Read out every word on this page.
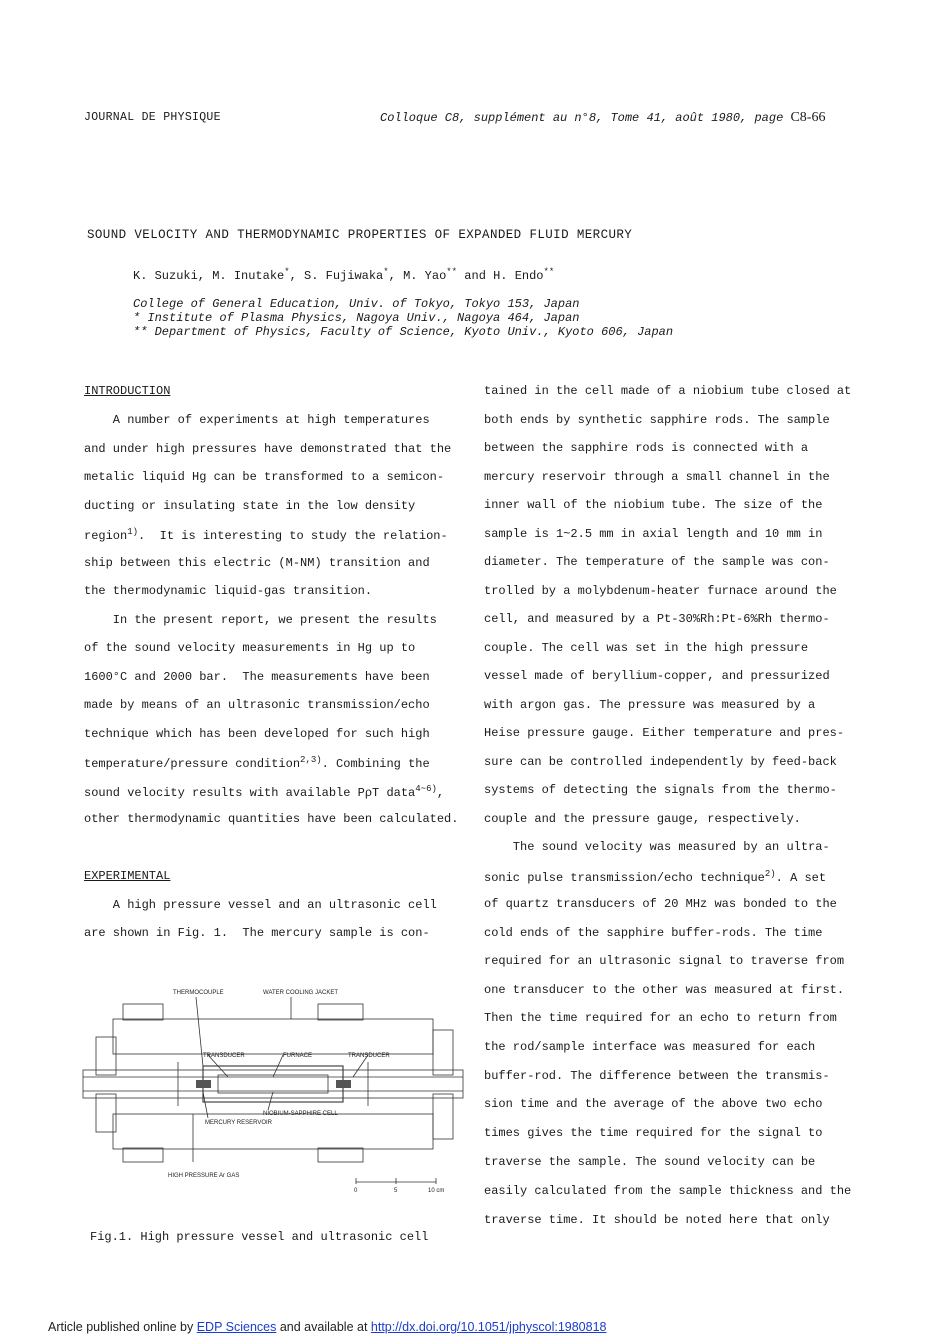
JOURNAL DE PHYSIQUE	Colloque C8, supplément au n°8, Tome 41, août 1980, page C8-66
SOUND VELOCITY AND THERMODYNAMIC PROPERTIES OF EXPANDED FLUID MERCURY
K. Suzuki, M. Inutake*, S. Fujiwaka*, M. Yao** and H. Endo**
College of General Education, Univ. of Tokyo, Tokyo 153, Japan
* Institute of Plasma Physics, Nagoya Univ., Nagoya 464, Japan
** Department of Physics, Faculty of Science, Kyoto Univ., Kyoto 606, Japan
INTRODUCTION
A number of experiments at high temperatures
and under high pressures have demonstrated that the
metalic liquid Hg can be transformed to a semicon-
ducting or insulating state in the low density
region$^{1)}$.  It is interesting to study the relation-
ship between this electric (M-NM) transition and
the thermodynamic liquid-gas transition.
In the present report, we present the results
of the sound velocity measurements in Hg up to
1600°C and 2000 bar.  The measurements have been
made by means of an ultrasonic transmission/echo
technique which has been developed for such high
temperature/pressure condition$^{2,3)}$. Combining the
sound velocity results with available PρT data$^{4\sim 6)}$,
other thermodynamic quantities have been calculated.
EXPERIMENTAL
A high pressure vessel and an ultrasonic cell
are shown in Fig. 1.  The mercury sample is con-
THERMOCOUPLE	WATER COOLING JACKET
TRANSDUCER	FURNACE	TRANSDUCER
NIOBIUM-SAPPHIRE CELL
MERCURY RESERVOIR
HIGH PRESSURE Ar GAS
0	5	10 cm
Fig.1. High pressure vessel and ultrasonic cell
tained in the cell made of a niobium tube closed at
both ends by synthetic sapphire rods. The sample
between the sapphire rods is connected with a
mercury reservoir through a small channel in the
inner wall of the niobium tube. The size of the
sample is 1~2.5 mm in axial length and 10 mm in
diameter. The temperature of the sample was con-
trolled by a molybdenum-heater furnace around the
cell, and measured by a Pt-30%Rh:Pt-6%Rh thermo-
couple. The cell was set in the high pressure
vessel made of beryllium-copper, and pressurized
with argon gas. The pressure was measured by a
Heise pressure gauge. Either temperature and pres-
sure can be controlled independently by feed-back
systems of detecting the signals from the thermo-
couple and the pressure gauge, respectively.
The sound velocity was measured by an ultra-
sonic pulse transmission/echo technique$^{2)}$. A set
of quartz transducers of 20 MHz was bonded to the
cold ends of the sapphire buffer-rods. The time
required for an ultrasonic signal to traverse from
one transducer to the other was measured at first.
Then the time required for an echo to return from
the rod/sample interface was measured for each
buffer-rod. The difference between the transmis-
sion time and the average of the above two echo
times gives the time required for the signal to
traverse the sample. The sound velocity can be
easily calculated from the sample thickness and the
traverse time. It should be noted here that only
Article published online by EDP Sciences and available at http://dx.doi.org/10.1051/jphyscol:1980818
